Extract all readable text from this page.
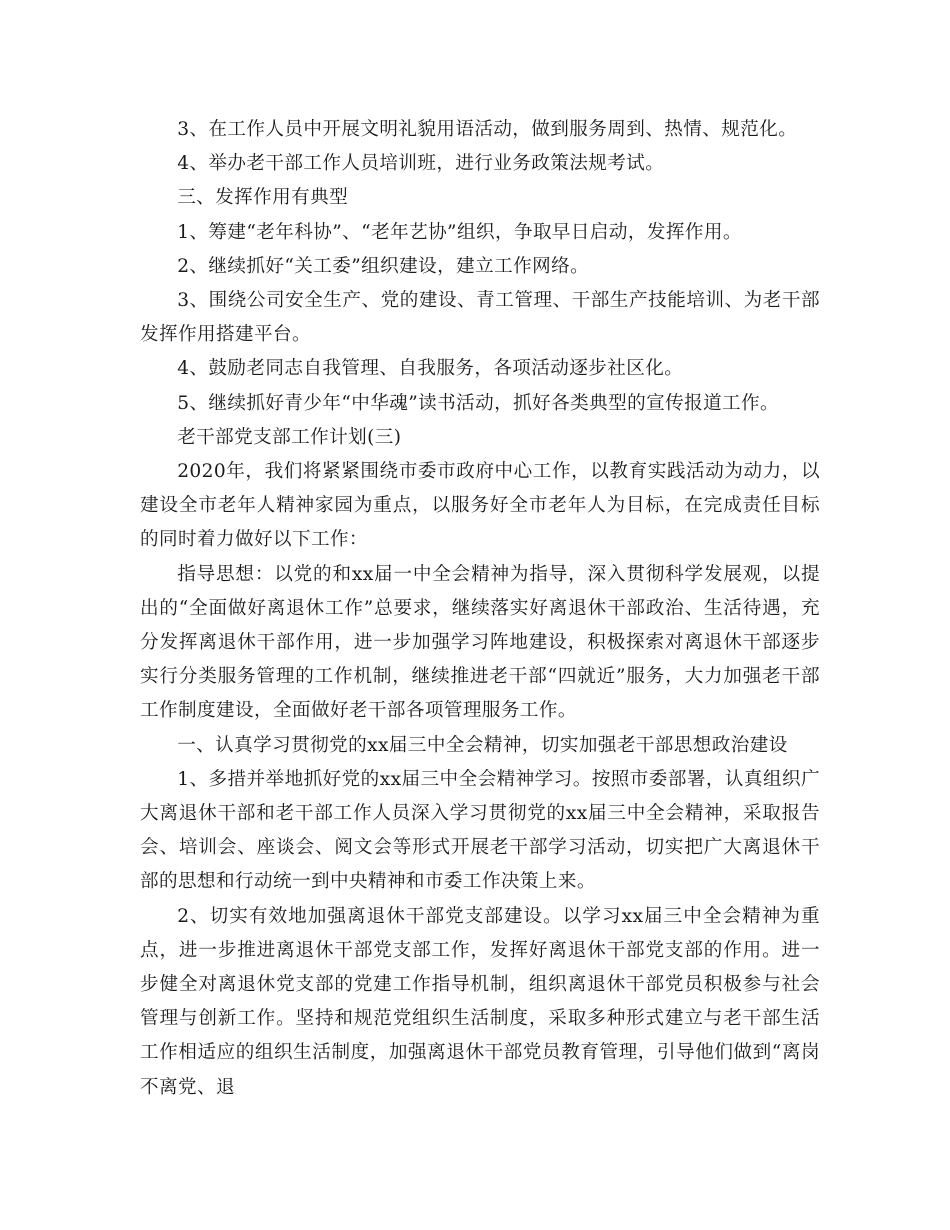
3、在工作人员中开展文明礼貌用语活动，做到服务周到、热情、规范化。

4、举办老干部工作人员培训班，进行业务政策法规考试。

三、发挥作用有典型

1、筹建“老年科协”、“老年艺协”组织，争取早日启动，发挥作用。

2、继续抓好“关工委”组织建设，建立工作网络。

3、围绕公司安全生产、党的建设、青工管理、干部生产技能培训、为老干部发挥作用搭建平台。

4、鼓励老同志自我管理、自我服务，各项活动逐步社区化。

5、继续抓好青少年“中华魂”读书活动，抓好各类典型的宣传报道工作。

老干部党支部工作计划(三)

2020年，我们将紧紧围绕市委市政府中心工作，以教育实践活动为动力，以建设全市老年人精神家园为重点，以服务好全市老年人为目标，在完成责任目标的同时着力做好以下工作：

指导思想：以党的和xx届一中全会精神为指导，深入贯彻科学发展观，以提出的“全面做好离退休工作”总要求，继续落实好离退休干部政治、生活待遇，充分发挥离退休干部作用，进一步加强学习阵地建设，积极探索对离退休干部逐步实行分类服务管理的工作机制，继续推进老干部“四就近”服务，大力加强老干部工作制度建设，全面做好老干部各项管理服务工作。

一、认真学习贯彻党的xx届三中全会精神，切实加强老干部思想政治建设

1、多措并举地抓好党的xx届三中全会精神学习。按照市委部署，认真组织广大离退休干部和老干部工作人员深入学习贯彻党的xx届三中全会精神，采取报告会、培训会、座谈会、阅文会等形式开展老干部学习活动，切实把广大离退休干部的思想和行动统一到中央精神和市委工作决策上来。

2、切实有效地加强离退休干部党支部建设。以学习xx届三中全会精神为重点，进一步推进离退休干部党支部工作，发挥好离退休干部党支部的作用。进一步健全对离退休党支部的党建工作指导机制，组织离退休干部党员积极参与社会管理与创新工作。坚持和规范党组织生活制度，采取多种形式建立与老干部生活工作相适应的组织生活制度，加强离退休干部党员教育管理，引导他们做到“离岗不离党、退
